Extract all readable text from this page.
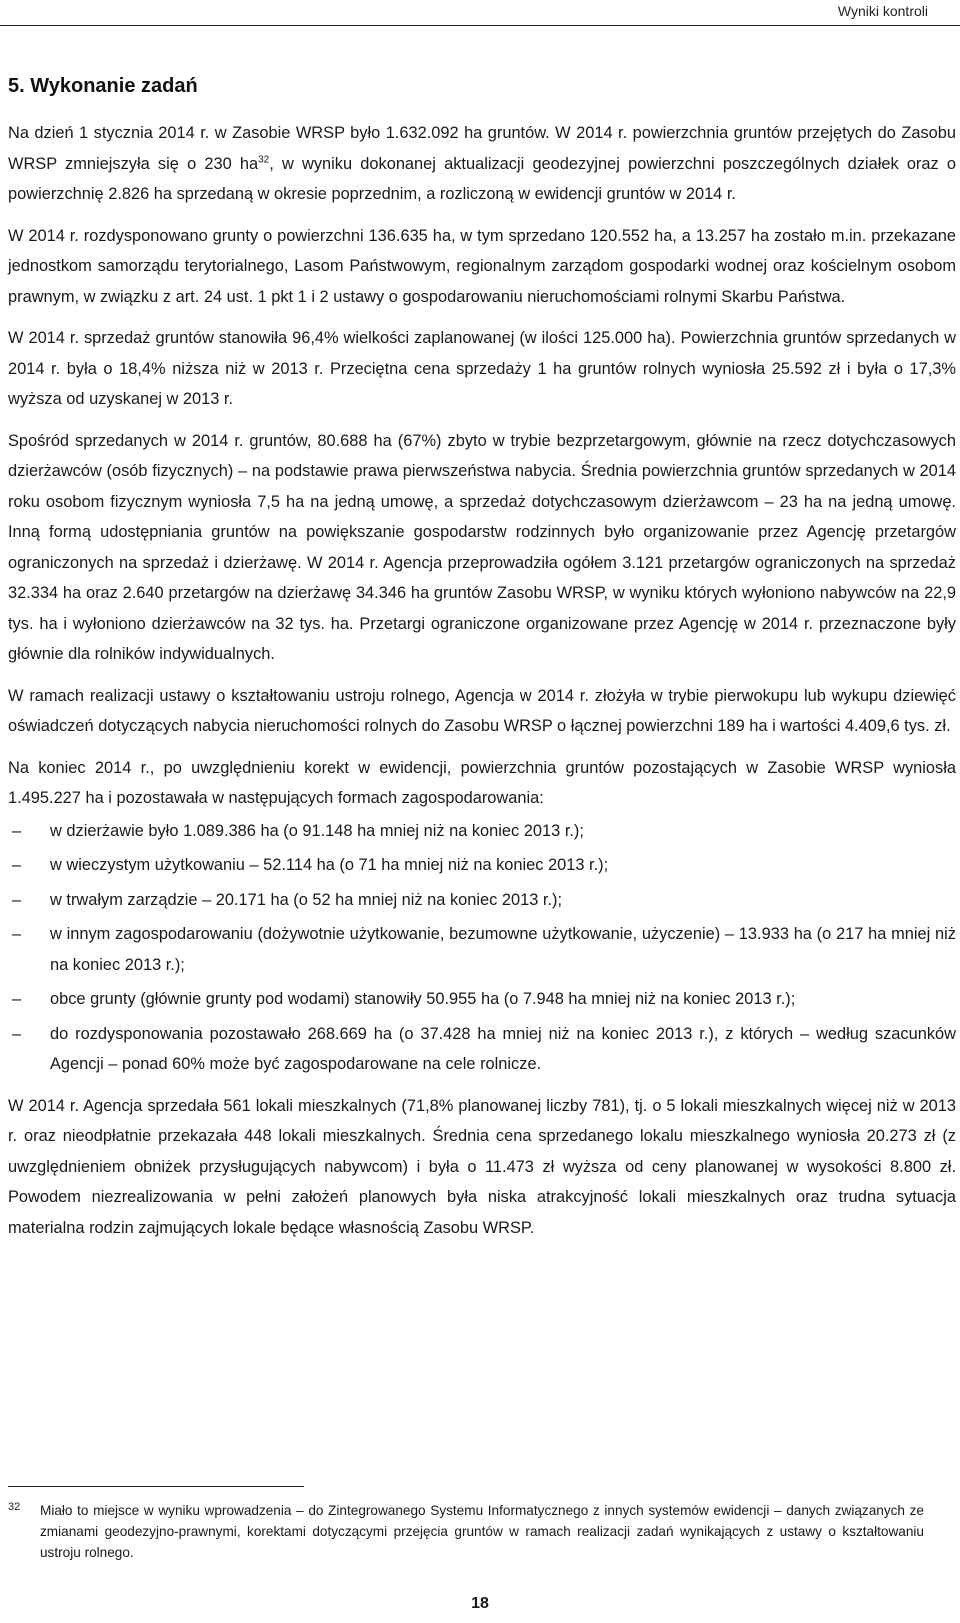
Wyniki kontroli
5. Wykonanie zadań

Na dzień 1 stycznia 2014 r. w Zasobie WRSP było 1.632.092 ha gruntów. W 2014 r. powierzchnia gruntów przejętych do Zasobu WRSP zmniejszyła się o 230 $ha^{32}$, w wyniku dokonanej aktualizacji geodezyjnej powierzchni poszczególnych działek oraz o powierzchnię 2.826 ha sprzedaną w okresie poprzednim, a rozliczoną w ewidencji gruntów w 2014 r.

W 2014 r. rozdysponowano grunty o powierzchni 136.635 ha, w tym sprzedano 120.552 ha, a 13.257 ha zostało m.in. przekazane jednostkom samorządu terytorialnego, Lasom Państwowym, regionalnym zarządom gospodarki wodnej oraz kościelnym osobom prawnym, w związku z art. 24 ust. 1 pkt 1 i 2 ustawy o gospodarowaniu nieruchomościami rolnymi Skarbu Państwa.

W 2014 r. sprzedaż gruntów stanowiła 96,4% wielkości zaplanowanej (w ilości 125.000 ha). Powierzchnia gruntów sprzedanych w 2014 r. była o 18,4% niższa niż w 2013 r. Przeciętna cena sprzedaży 1 ha gruntów rolnych wyniosła 25.592 zł i była o 17,3% wyższa od uzyskanej w 2013 r.

Spośród sprzedanych w 2014 r. gruntów, 80.688 ha (67%) zbyto w trybie bezprzetargowym, głównie na rzecz dotychczasowych dzierżawców (osób fizycznych) – na podstawie prawa pierwszeństwa nabycia. Średnia powierzchnia gruntów sprzedanych w 2014 roku osobom fizycznym wyniosła 7,5 ha na jedną umowę, a sprzedaż dotychczasowym dzierżawcom – 23 ha na jedną umowę. Inną formą udostępniania gruntów na powiększanie gospodarstw rodzinnych było organizowanie przez Agencję przetargów ograniczonych na sprzedaż i dzierżawę. W 2014 r. Agencja przeprowadziła ogółem 3.121 przetargów ograniczonych na sprzedaż 32.334 ha oraz 2.640 przetargów na dzierżawę 34.346 ha gruntów Zasobu WRSP, w wyniku których wyłoniono nabywców na 22,9 tys. ha i wyłoniono dzierżawców na 32 tys. ha. Przetargi ograniczone organizowane przez Agencję w 2014 r. przeznaczone były głównie dla rolników indywidualnych.

W ramach realizacji ustawy o kształtowaniu ustroju rolnego, Agencja w 2014 r. złożyła w trybie pierwokupu lub wykupu dziewięć oświadczeń dotyczących nabycia nieruchomości rolnych do Zasobu WRSP o łącznej powierzchni 189 ha i wartości 4.409,6 tys. zł.

Na koniec 2014 r., po uwzględnieniu korekt w ewidencji, powierzchnia gruntów pozostających w Zasobie WRSP wyniosła 1.495.227 ha i pozostawała w następujących formach zagospodarowania:

– w dzierżawie było 1.089.386 ha (o 91.148 ha mniej niż na koniec 2013 r.);
– w wieczystym użytkowaniu – 52.114 ha (o 71 ha mniej niż na koniec 2013 r.);
– w trwałym zarządzie – 20.171 ha (o 52 ha mniej niż na koniec 2013 r.);
– w innym zagospodarowaniu (dożywotnie użytkowanie, bezumowne użytkowanie, użyczenie) – 13.933 ha (o 217 ha mniej niż na koniec 2013 r.);
– obce grunty (głównie grunty pod wodami) stanowiły 50.955 ha (o 7.948 ha mniej niż na koniec 2013 r.);
– do rozdysponowania pozostawało 268.669 ha (o 37.428 ha mniej niż na koniec 2013 r.), z których – według szacunków Agencji – ponad 60% może być zagospodarowane na cele rolnicze.

W 2014 r. Agencja sprzedała 561 lokali mieszkalnych (71,8% planowanej liczby 781), tj. o 5 lokali mieszkalnych więcej niż w 2013 r. oraz nieodpłatnie przekazała 448 lokali mieszkalnych. Średnia cena sprzedanego lokalu mieszkalnego wyniosła 20.273 zł (z uwzględnieniem obniżek przysługujących nabywcom) i była o 11.473 zł wyższa od ceny planowanej w wysokości 8.800 zł. Powodem niezrealizowania w pełni założeń planowych była niska atrakcyjność lokali mieszkalnych oraz trudna sytuacja materialna rodzin zajmujących lokale będące własnością Zasobu WRSP.

32 Miało to miejsce w wyniku wprowadzenia – do Zintegrowanego Systemu Informatycznego z innych systemów ewidencji – danych związanych ze zmianami geodezyjno-prawnymi, korektami dotyczącymi przejęcia gruntów w ramach realizacji zadań wynikających z ustawy o kształtowaniu ustroju rolnego.
18
